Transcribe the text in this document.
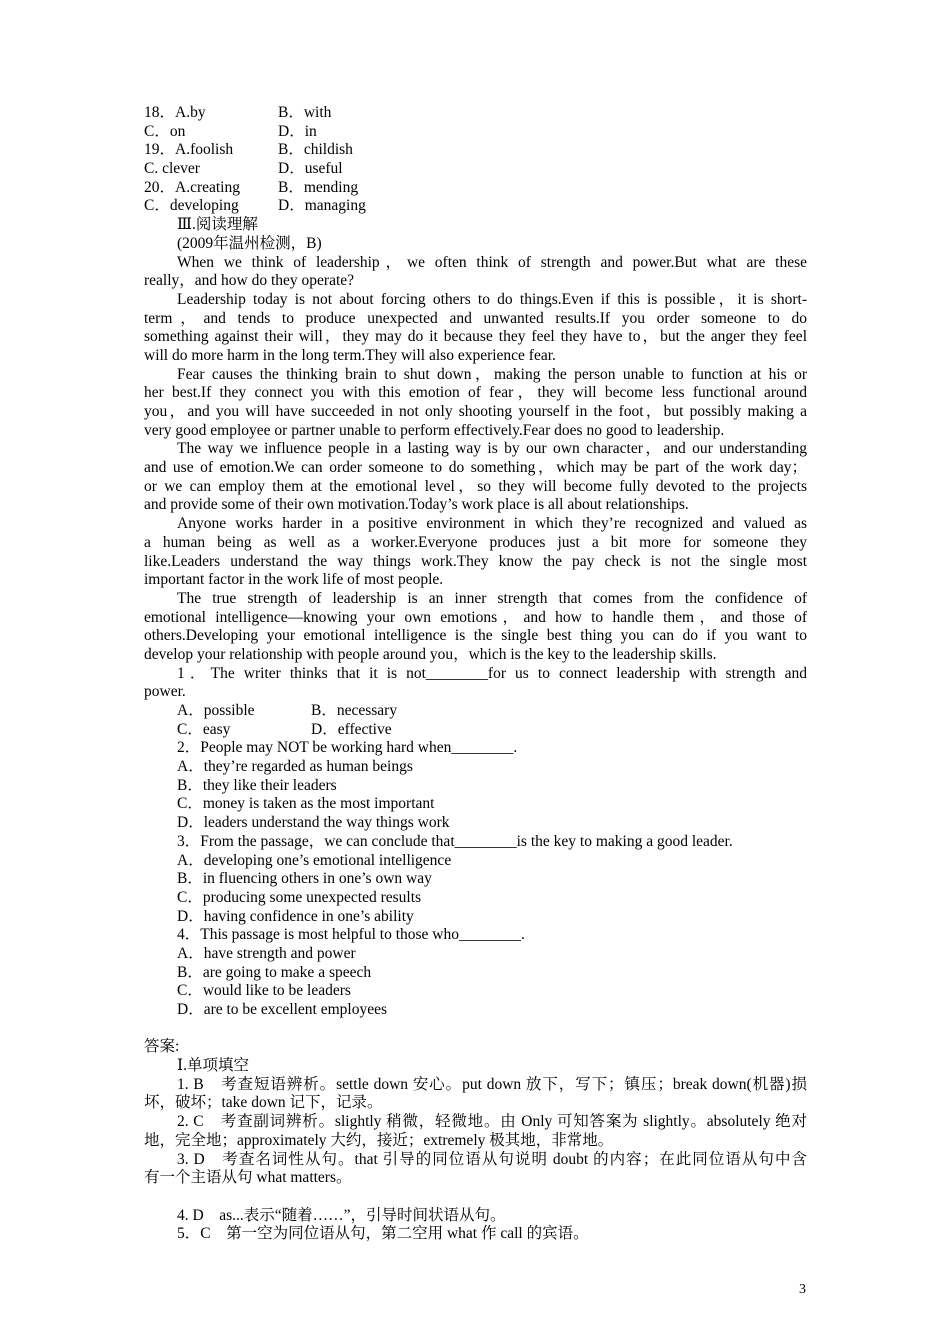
18．A.by	B．with
C．on	D．in
19．A.foolish	B．childish
C. clever	D．useful
20．A.creating	B．mending
C．developing	D．managing
Ⅲ.阅读理解
(2009年温州检测，B)
When we think of leadership，we often think of strength and power.But what are these
really，and how do they operate?
Leadership today is not about forcing others to do things.Even if this is possible，it is short-
term，and tends to produce unexpected and unwanted results.If you order someone to do
something against their will，they may do it because they feel they have to，but the anger they feel
will do more harm in the long term.They will also experience fear.
Fear causes the thinking brain to shut down，making the person unable to function at his or
her best.If they connect you with this emotion of fear，they will become less functional around
you，and you will have succeeded in not only shooting yourself in the foot，but possibly making a
very good employee or partner unable to perform effectively.Fear does no good to leadership.
The way we influence people in a lasting way is by our own character，and our understanding
and use of emotion.We can order someone to do something，which may be part of the work day；
or we can employ them at the emotional level，so they will become fully devoted to the projects
and provide some of their own motivation.Today’s work place is all about relationships.
Anyone works harder in a positive environment in which they’re recognized and valued as
a human being as well as a worker.Everyone produces just a bit more for someone they
like.Leaders understand the way things work.They know the pay check is not the single most
important factor in the work life of most people.
The true strength of leadership is an inner strength that comes from the confidence of
emotional intelligence—knowing your own emotions，and how to handle them，and those of
others.Developing your emotional intelligence is the single best thing you can do if you want to
develop your relationship with people around you，which is the key to the leadership skills.
1．The writer thinks that it is not________for us to connect leadership with strength and
power.
A．possible	B．necessary
C．easy	D．effective
2．People may NOT be working hard when________.
A．they’re regarded as human beings
B．they like their leaders
C．money is taken as the most important
D．leaders understand the way things work
3．From the passage，we can conclude that________is the key to making a good leader.
A．developing one’s emotional intelligence
B．in fluencing others in one’s own way
C．producing some unexpected results
D．having confidence in one’s ability
4．This passage is most helpful to those who________.
A．have strength and power
B．are going to make a speech
C．would like to be leaders
D．are to be excellent employees
答案:
Ⅰ.单项填空
1. B　考查短语辨析。settle down 安心。put down 放下，写下；镇压；break down(机器)损
坏，破坏；take down 记下，记录。
2. C　考查副词辨析。slightly 稍微，轻微地。由 Only 可知答案为 slightly。absolutely 绝对
地，完全地；approximately 大约，接近；extremely 极其地，非常地。
3. D　考查名词性从句。that 引导的同位语从句说明 doubt 的内容；在此同位语从句中含
有一个主语从句 what matters。
4. D　as...表示“随着……”，引导时间状语从句。
5．C　第一空为同位语从句，第二空用 what 作 call 的宾语。
3
